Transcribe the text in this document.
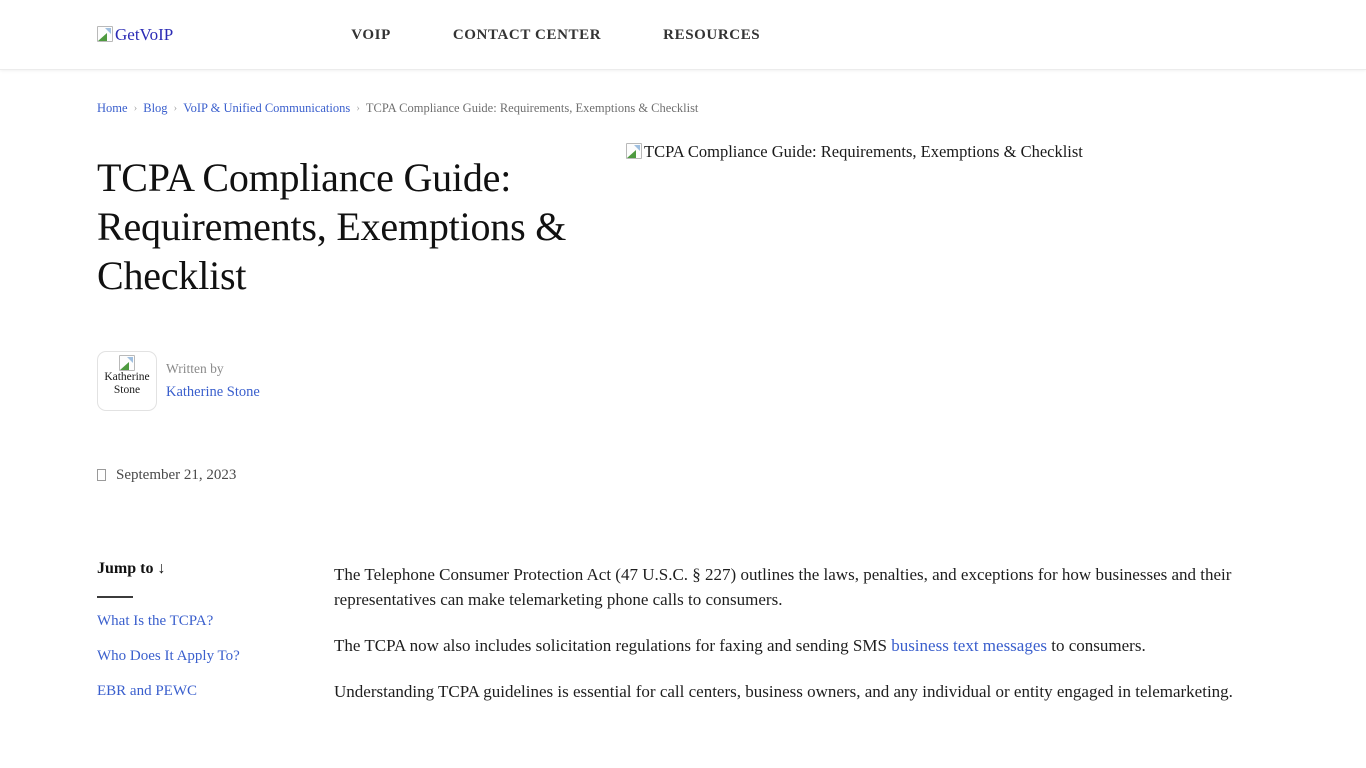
GetVoIP	VOIP	CONTACT CENTER	RESOURCES
Home › Blog › VoIP & Unified Communications › TCPA Compliance Guide: Requirements, Exemptions & Checklist
TCPA Compliance Guide: Requirements, Exemptions & Checklist
TCPA Compliance Guide: Requirements, Exemptions & Checklist
Katherine Stone
Written by
Katherine Stone
September 21, 2023
Jump to ↓
What Is the TCPA?
Who Does It Apply To?
EBR and PEWC

The Telephone Consumer Protection Act (47 U.S.C. § 227) outlines the laws, penalties, and exceptions for how businesses and their representatives can make telemarketing phone calls to consumers.

The TCPA now also includes solicitation regulations for faxing and sending SMS business text messages to consumers.

Understanding TCPA guidelines is essential for call centers, business owners, and any individual or entity engaged in telemarketing.
